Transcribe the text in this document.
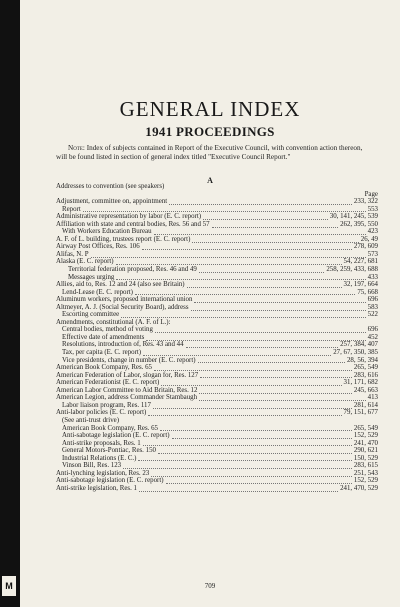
M
GENERAL INDEX
1941 PROCEEDINGS
Note: Index of subjects contained in Report of the Executive Council, with convention action thereon, will be found listed in section of general index titled "Executive Council Report."
A
Addresses to convention (see speakers)
Page
Adjustment, committee on, appointment	233, 322
Report	553
Administrative representation by labor (E. C. report)	30, 141, 245, 539
Affiliation with state and central bodies, Res. 56 and 57	262, 395, 550
With Workers Education Bureau	423
A. F. of L. building, trustees report (E. C. report)	26, 49
Airway Post Offices, Res. 106	278, 609
Alifas, N. P	573
Alaska (E. C. report)	54, 227, 681
Territorial federation proposed, Res. 46 and 49	258, 259, 433, 688
Messages urging	433
Allies, aid to, Res. 12 and 24 (also see Britain)	32, 197, 664
Lend-Lease (E. C. report)	75, 668
Aluminum workers, proposed international union	696
Altmeyer, A. J. (Social Security Board), address	583
Escorting committee	522
Amendments, constitutional (A. F. of L.):
Central bodies, method of voting	696
Effective date of amendments	452
Resolutions, introduction of, Res. 43 and 44	257, 384, 407
Tax, per capita (E. C. report)	27, 67, 350, 385
Vice presidents, change in number (E. C. report)	28, 56, 394
American Book Company, Res. 65	265, 549
American Federation of Labor, slogan for, Res. 127	283, 616
American Federationist (E. C. report)	31, 171, 682
American Labor Committee to Aid Britain, Res. 12	245, 663
American Legion, address Commander Stambaugh	413
Labor liaison program, Res. 117	281, 614
Anti-labor policies (E. C. report)	79, 151, 677
(See anti-trust drive)
American Book Company, Res. 65	265, 549
Anti-sabotage legislation (E. C. report)	152, 529
Anti-strike proposals, Res. 1	241, 470
General Motors-Pontiac, Res. 150	290, 621
Industrial Relations (E. C.)	150, 529
Vinson Bill, Res. 123	283, 615
Anti-lynching legislation, Res. 23	251, 543
Anti-sabotage legislation (E. C. report)	152, 529
Anti-strike legislation, Res. 1	241, 470, 529
709
